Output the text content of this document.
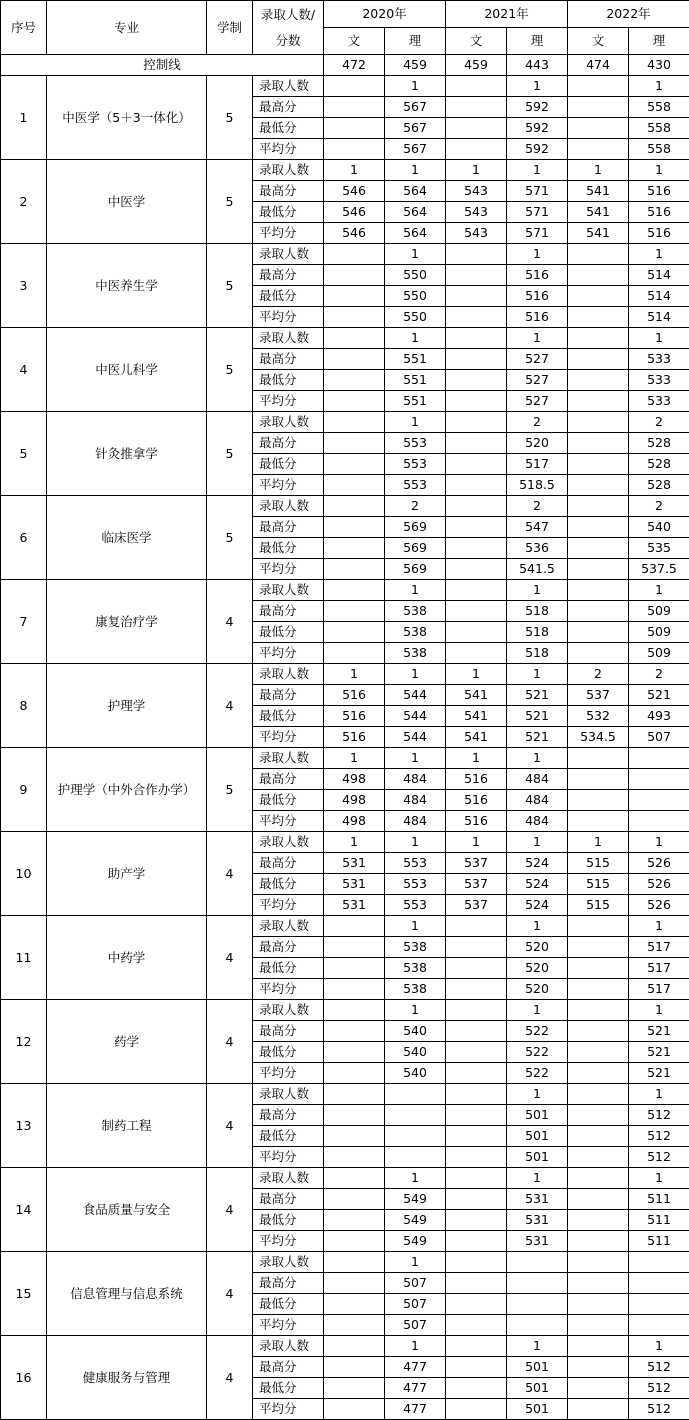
序号	专业	学制	录取人数/
分数	2020年		2021年		2022年	
				文	理	文	理	文	理
控制线				472	459	459	443	474	430
1	中医学（5＋3一体化）	5	录取人数		1		1		1
			最高分		567		592		558
			最低分		567		592		558
			平均分		567		592		558
2	中医学	5	录取人数	1	1	1	1	1	1
			最高分	546	564	543	571	541	516
			最低分	546	564	543	571	541	516
			平均分	546	564	543	571	541	516
3	中医养生学	5	录取人数		1		1		1
			最高分		550		516		514
			最低分		550		516		514
			平均分		550		516		514
4	中医儿科学	5	录取人数		1		1		1
			最高分		551		527		533
			最低分		551		527		533
			平均分		551		527		533
5	针灸推拿学	5	录取人数		1		2		2
			最高分		553		520		528
			最低分		553		517		528
			平均分		553		518.5		528
6	临床医学	5	录取人数		2		2		2
			最高分		569		547		540
			最低分		569		536		535
			平均分		569		541.5		537.5
7	康复治疗学	4	录取人数		1		1		1
			最高分		538		518		509
			最低分		538		518		509
			平均分		538		518		509
8	护理学	4	录取人数	1	1	1	1	2	2
			最高分	516	544	541	521	537	521
			最低分	516	544	541	521	532	493
			平均分	516	544	541	521	534.5	507
9	护理学（中外合作办学）	5	录取人数	1	1	1	1		
			最高分	498	484	516	484		
			最低分	498	484	516	484		
			平均分	498	484	516	484		
10	助产学	4	录取人数	1	1	1	1	1	1
			最高分	531	553	537	524	515	526
			最低分	531	553	537	524	515	526
			平均分	531	553	537	524	515	526
11	中药学	4	录取人数		1		1		1
			最高分		538		520		517
			最低分		538		520		517
			平均分		538		520		517
12	药学	4	录取人数		1		1		1
			最高分		540		522		521
			最低分		540		522		521
			平均分		540		522		521
13	制药工程	4	录取人数				1		1
			最高分				501		512
			最低分				501		512
			平均分				501		512
14	食品质量与安全	4	录取人数		1		1		1
			最高分		549		531		511
			最低分		549		531		511
			平均分		549		531		511
15	信息管理与信息系统	4	录取人数		1				
			最高分		507				
			最低分		507				
			平均分		507				
16	健康服务与管理	4	录取人数		1		1		1
			最高分		477		501		512
			最低分		477		501		512
			平均分		477		501		512
